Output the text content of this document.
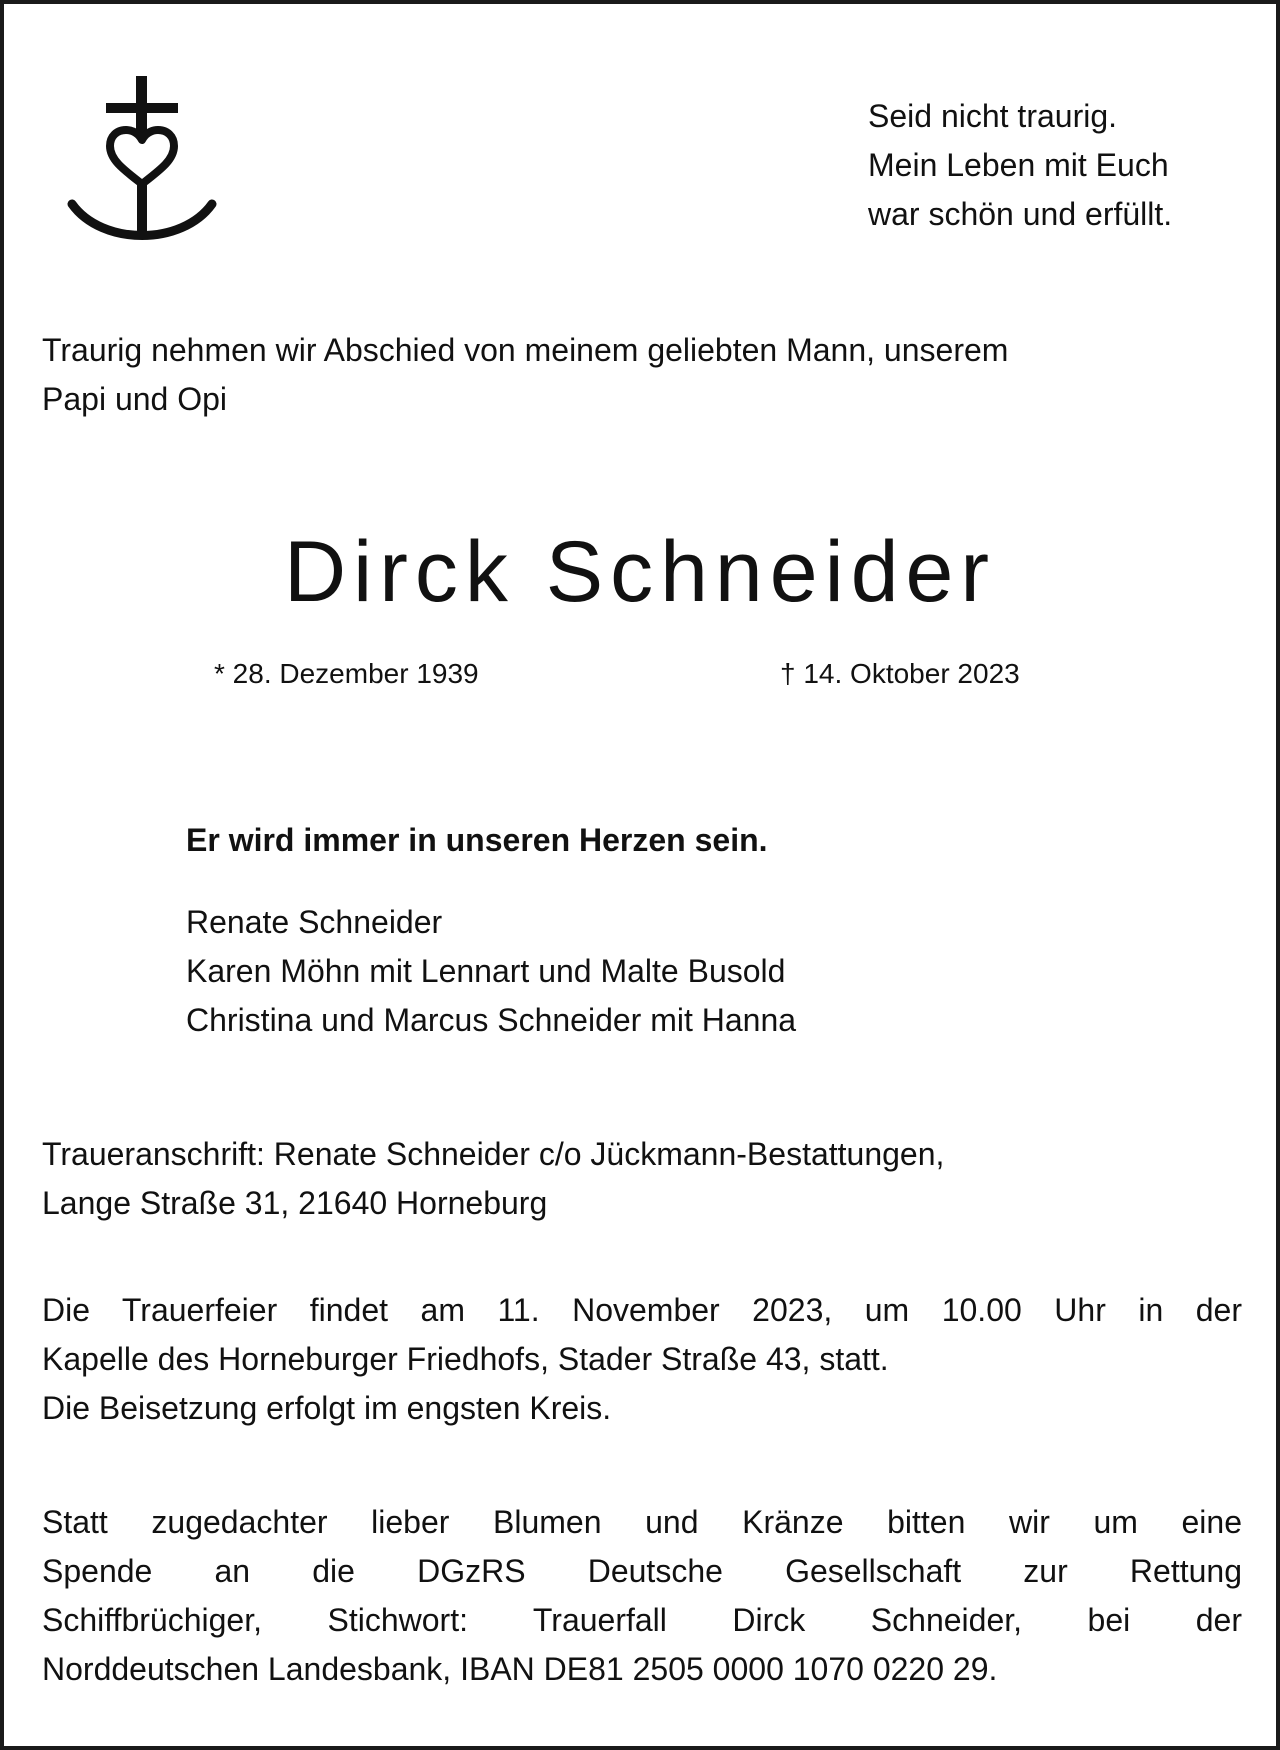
Seid nicht traurig.
Mein Leben mit Euch
war schön und erfüllt.
Traurig nehmen wir Abschied von meinem geliebten Mann, unserem
Papi und Opi
Dirck Schneider
* 28. Dezember 1939	† 14. Oktober 2023
Er wird immer in unseren Herzen sein.
Renate Schneider
Karen Möhn mit Lennart und Malte Busold
Christina und Marcus Schneider mit Hanna
Traueranschrift: Renate Schneider c/o Jückmann-Bestattungen,
Lange Straße 31, 21640 Horneburg
Die Trauerfeier findet am 11. November 2023, um 10.00 Uhr in der
Kapelle des Horneburger Friedhofs, Stader Straße 43, statt.
Die Beisetzung erfolgt im engsten Kreis.
Statt zugedachter lieber Blumen und Kränze bitten wir um eine
Spende an die DGzRS Deutsche Gesellschaft zur Rettung
Schiffbrüchiger, Stichwort: Trauerfall Dirck Schneider, bei der
Norddeutschen Landesbank, IBAN DE81 2505 0000 1070 0220 29.
